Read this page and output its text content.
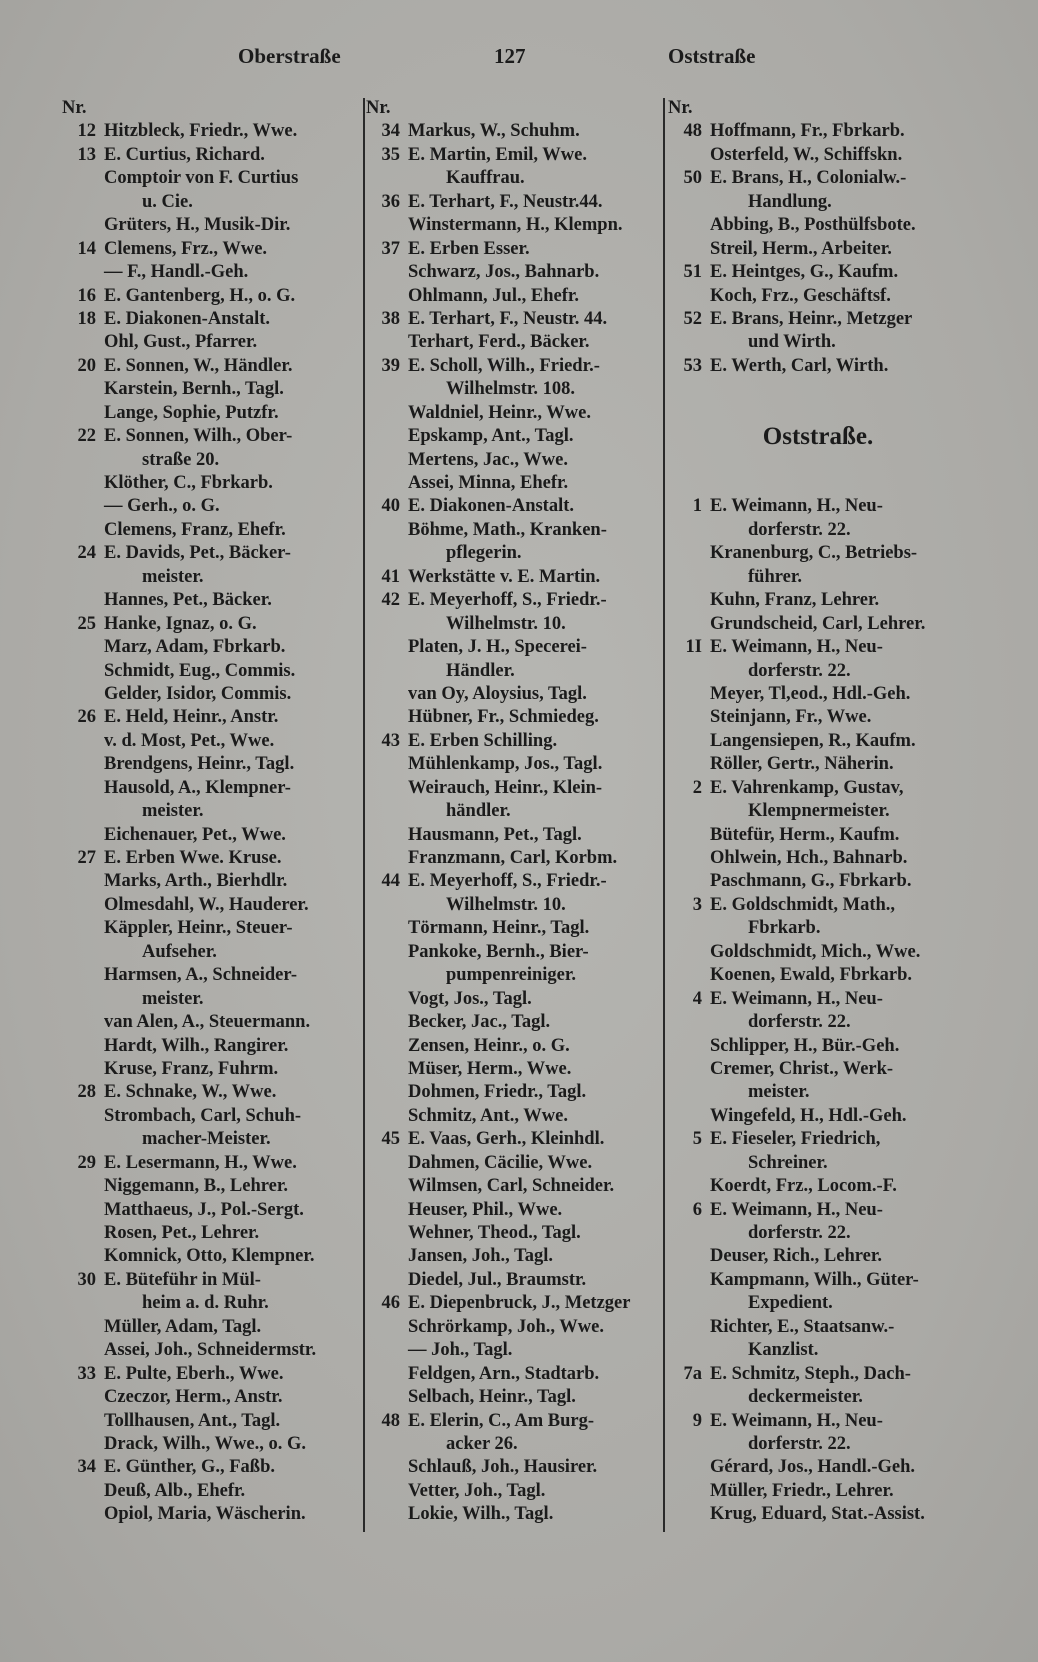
Oberstraße	127	Oststraße
Nr.
12 Hitzbleck, Friedr., Wwe.
13 E. Curtius, Richard.
Comptoir von F. Curtius
u. Cie.
Grüters, H., Musik-Dir.
14 Clemens, Frz., Wwe.
— F., Handl.-Geh.
16 E. Gantenberg, H., o. G.
18 E. Diakonen-Anstalt.
Ohl, Gust., Pfarrer.
20 E. Sonnen, W., Händler.
Karstein, Bernh., Tagl.
Lange, Sophie, Putzfr.
22 E. Sonnen, Wilh., Ober-
straße 20.
Klöther, C., Fbrkarb.
— Gerh., o. G.
Clemens, Franz, Ehefr.
24 E. Davids, Pet., Bäcker-
meister.
Hannes, Pet., Bäcker.
25 Hanke, Ignaz, o. G.
Marz, Adam, Fbrkarb.
Schmidt, Eug., Commis.
Gelder, Isidor, Commis.
26 E. Held, Heinr., Anstr.
v. d. Most, Pet., Wwe.
Brendgens, Heinr., Tagl.
Hausold, A., Klempner-
meister.
Eichenauer, Pet., Wwe.
27 E. Erben Wwe. Kruse.
Marks, Arth., Bierhdlr.
Olmesdahl, W., Hauderer.
Käppler, Heinr., Steuer-
Aufseher.
Harmsen, A., Schneider-
meister.
van Alen, A., Steuermann.
Hardt, Wilh., Rangirer.
Kruse, Franz, Fuhrm.
28 E. Schnake, W., Wwe.
Strombach, Carl, Schuh-
macher-Meister.
29 E. Lesermann, H., Wwe.
Niggemann, B., Lehrer.
Matthaeus, J., Pol.-Sergt.
Rosen, Pet., Lehrer.
Komnick, Otto, Klempner.
30 E. Büteführ in Mül-
heim a. d. Ruhr.
Müller, Adam, Tagl.
Assei, Joh., Schneidermstr.
33 E. Pulte, Eberh., Wwe.
Czeczor, Herm., Anstr.
Tollhausen, Ant., Tagl.
Drack, Wilh., Wwe., o. G.
34 E. Günther, G., Faßb.
Deuß, Alb., Ehefr.
Opiol, Maria, Wäscherin.
Nr.
34 Markus, W., Schuhm.
35 E. Martin, Emil, Wwe.
Kauffrau.
36 E. Terhart, F., Neustr.44.
Winstermann, H., Klempn.
37 E. Erben Esser.
Schwarz, Jos., Bahnarb.
Ohlmann, Jul., Ehefr.
38 E. Terhart, F., Neustr. 44.
Terhart, Ferd., Bäcker.
39 E. Scholl, Wilh., Friedr.-
Wilhelmstr. 108.
Waldniel, Heinr., Wwe.
Epskamp, Ant., Tagl.
Mertens, Jac., Wwe.
Assei, Minna, Ehefr.
40 E. Diakonen-Anstalt.
Böhme, Math., Kranken-
pflegerin.
41 Werkstätte v. E. Martin.
42 E. Meyerhoff, S., Friedr.-
Wilhelmstr. 10.
Platen, J. H., Specerei-
Händler.
van Oy, Aloysius, Tagl.
Hübner, Fr., Schmiedeg.
43 E. Erben Schilling.
Mühlenkamp, Jos., Tagl.
Weirauch, Heinr., Klein-
händler.
Hausmann, Pet., Tagl.
Franzmann, Carl, Korbm.
44 E. Meyerhoff, S., Friedr.-
Wilhelmstr. 10.
Törmann, Heinr., Tagl.
Pankoke, Bernh., Bier-
pumpenreiniger.
Vogt, Jos., Tagl.
Becker, Jac., Tagl.
Zensen, Heinr., o. G.
Müser, Herm., Wwe.
Dohmen, Friedr., Tagl.
Schmitz, Ant., Wwe.
45 E. Vaas, Gerh., Kleinhdl.
Dahmen, Cäcilie, Wwe.
Wilmsen, Carl, Schneider.
Heuser, Phil., Wwe.
Wehner, Theod., Tagl.
Jansen, Joh., Tagl.
Diedel, Jul., Braumstr.
46 E. Diepenbruck, J., Metzger
Schrörkamp, Joh., Wwe.
— Joh., Tagl.
Feldgen, Arn., Stadtarb.
Selbach, Heinr., Tagl.
48 E. Elerin, C., Am Burg-
acker 26.
Schlauß, Joh., Hausirer.
Vetter, Joh., Tagl.
Lokie, Wilh., Tagl.
Nr.
48 Hoffmann, Fr., Fbrkarb.
Osterfeld, W., Schiffskn.
50 E. Brans, H., Colonialw.-
Handlung.
Abbing, B., Posthülfsbote.
Streil, Herm., Arbeiter.
51 E. Heintges, G., Kaufm.
Koch, Frz., Geschäftsf.
52 E. Brans, Heinr., Metzger
und Wirth.
53 E. Werth, Carl, Wirth.
Oststraße.
1 E. Weimann, H., Neu-
dorferstr. 22.
Kranenburg, C., Betriebs-
führer.
Kuhn, Franz, Lehrer.
Grundscheid, Carl, Lehrer.
1I E. Weimann, H., Neu-
dorferstr. 22.
Meyer, Tl,eod., Hdl.-Geh.
Steinjann, Fr., Wwe.
Langensiepen, R., Kaufm.
Röller, Gertr., Näherin.
2 E. Vahrenkamp, Gustav,
Klempnermeister.
Bütefür, Herm., Kaufm.
Ohlwein, Hch., Bahnarb.
Paschmann, G., Fbrkarb.
3 E. Goldschmidt, Math.,
Fbrkarb.
Goldschmidt, Mich., Wwe.
Koenen, Ewald, Fbrkarb.
4 E. Weimann, H., Neu-
dorferstr. 22.
Schlipper, H., Bür.-Geh.
Cremer, Christ., Werk-
meister.
Wingefeld, H., Hdl.-Geh.
5 E. Fieseler, Friedrich,
Schreiner.
Koerdt, Frz., Locom.-F.
6 E. Weimann, H., Neu-
dorferstr. 22.
Deuser, Rich., Lehrer.
Kampmann, Wilh., Güter-
Expedient.
Richter, E., Staatsanw.-
Kanzlist.
7a E. Schmitz, Steph., Dach-
deckermeister.
9 E. Weimann, H., Neu-
dorferstr. 22.
Gérard, Jos., Handl.-Geh.
Müller, Friedr., Lehrer.
Krug, Eduard, Stat.-Assist.
